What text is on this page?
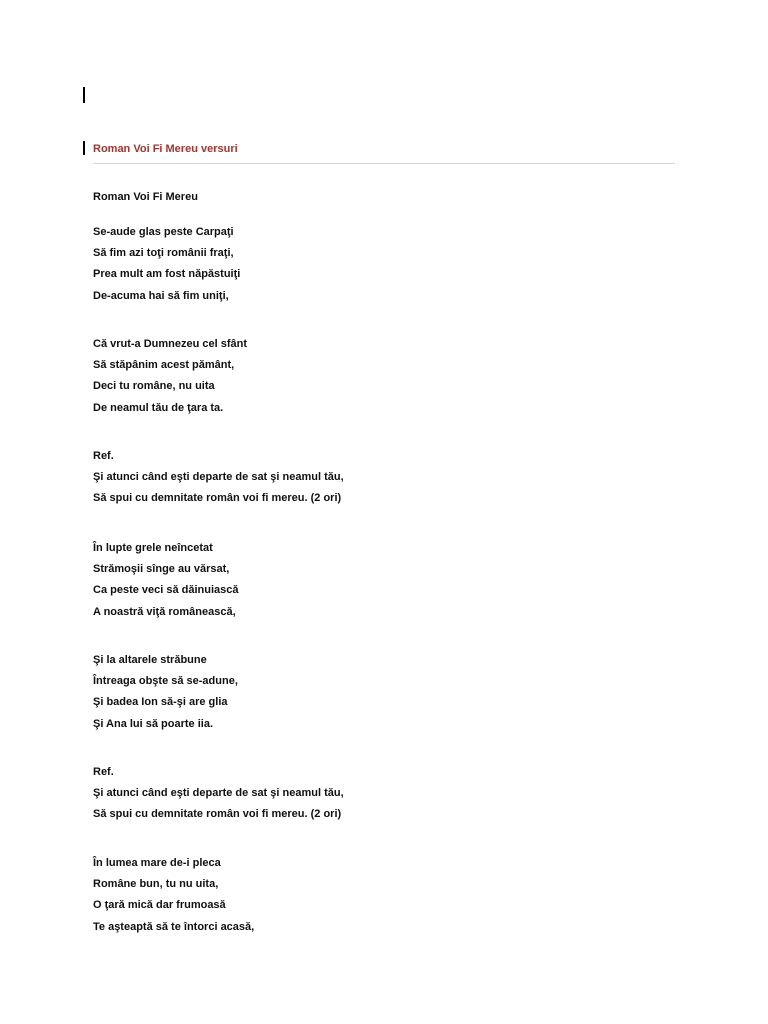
Roman Voi Fi Mereu versuri
Roman Voi Fi Mereu
Se-aude glas peste Carpaţi
Să fim azi toţi românii fraţi,
Prea mult am fost năpăstuiţi
De-acuma hai să fim uniţi,
Că vrut-a Dumnezeu cel sfânt
Să stăpânim acest pământ,
Deci tu române, nu uita
De neamul tău de ţara ta.
Ref.
Şi atunci când eşti departe de sat şi neamul tău,
Să spui cu demnitate român voi fi mereu. (2 ori)
În lupte grele neîncetat
Strămoşii sînge au vărsat,
Ca peste veci să dăinuiască
A noastră viţă românească,
Şi la altarele străbune
Întreaga obşte să se-adune,
Şi badea Ion să-şi are glia
Şi Ana lui să poarte iia.
Ref.
Şi atunci când eşti departe de sat şi neamul tău,
Să spui cu demnitate român voi fi mereu. (2 ori)
În lumea mare de-i pleca
Române bun, tu nu uita,
O ţară mică dar frumoasă
Te aşteaptă să te întorci acasă,
